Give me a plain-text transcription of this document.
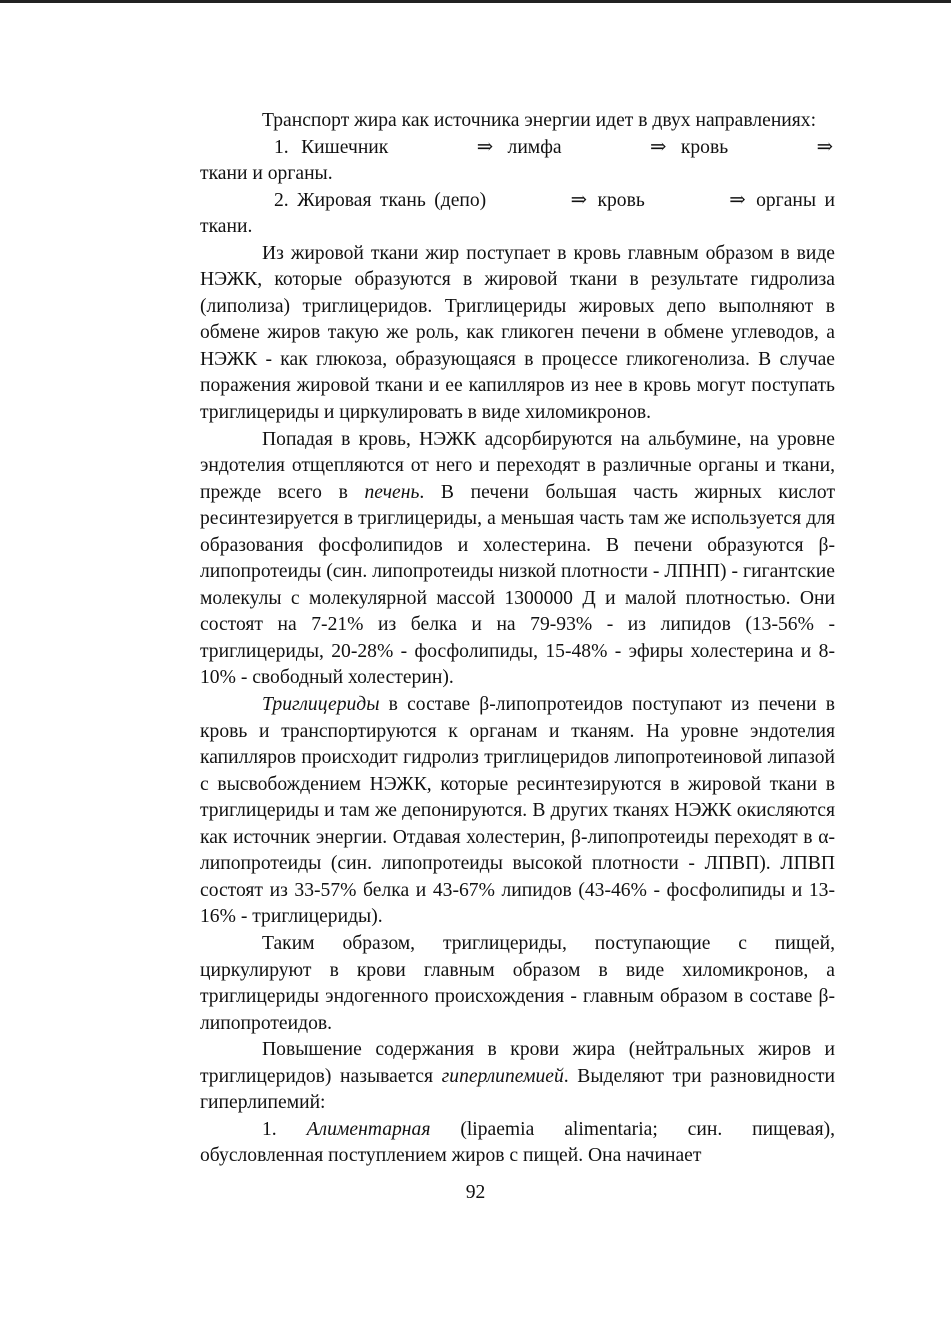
Транспорт жира как источника энергии идет в двух направлениях:

1. Кишечник	⇒ лимфа	⇒ кровь	⇒ ткани и органы.

2. Жировая ткань (депо)	⇒ кровь	⇒ органы и ткани.

Из жировой ткани жир поступает в кровь главным образом в виде НЭЖК, которые образуются в жировой ткани в результате гидролиза (липолиза) триглицеридов. Триглицериды жировых депо выполняют в обмене жиров такую же роль, как гликоген печени в обмене углеводов, а НЭЖК - как глюкоза, образующаяся в процессе гликогенолиза. В случае поражения жировой ткани и ее капилляров из нее в кровь могут поступать триглицериды и циркулировать в виде хиломикронов.

Попадая в кровь, НЭЖК адсорбируются на альбумине, на уровне эндотелия отщепляются от него и переходят в различные органы и ткани, прежде всего в печень. В печени большая часть жирных кислот ресинтезируется в триглицериды, а меньшая часть там же используется для образования фосфолипидов и холестерина. В печени образуются β-липопротеиды (син. липопротеиды низкой плотности - ЛПНП) - гигантские молекулы с молекулярной массой 1300000 Д и малой плотностью. Они состоят на 7-21% из белка и на 79-93% - из липидов (13-56% - триглицериды, 20-28% - фосфолипиды, 15-48% - эфиры холестерина и 8-10% - свободный холестерин).

Триглицериды в составе β-липопротеидов поступают из печени в кровь и транспортируются к органам и тканям. На уровне эндотелия капилляров происходит гидролиз триглицеридов липопротеиновой липазой с высвобождением НЭЖК, которые ресинтезируются в жировой ткани в триглицериды и там же депонируются. В других тканях НЭЖК окисляются как источник энергии. Отдавая холестерин, β-липопротеиды переходят в α-липопротеиды (син. липопротеиды высокой плотности - ЛПВП). ЛПВП состоят из 33-57% белка и 43-67% липидов (43-46% - фосфолипиды и 13-16% - триглицериды).

Таким образом, триглицериды, поступающие с пищей, циркулируют в крови главным образом в виде хиломикронов, а триглицериды эндогенного происхождения - главным образом в составе β-липопротеидов.

Повышение содержания в крови жира (нейтральных жиров и триглицеридов) называется гиперлипемией. Выделяют три разновидности гиперлипемий:

1. Алиментарная (lipaemia alimentaria; син. пищевая), обусловленная поступлением жиров с пищей. Она начинает

92
